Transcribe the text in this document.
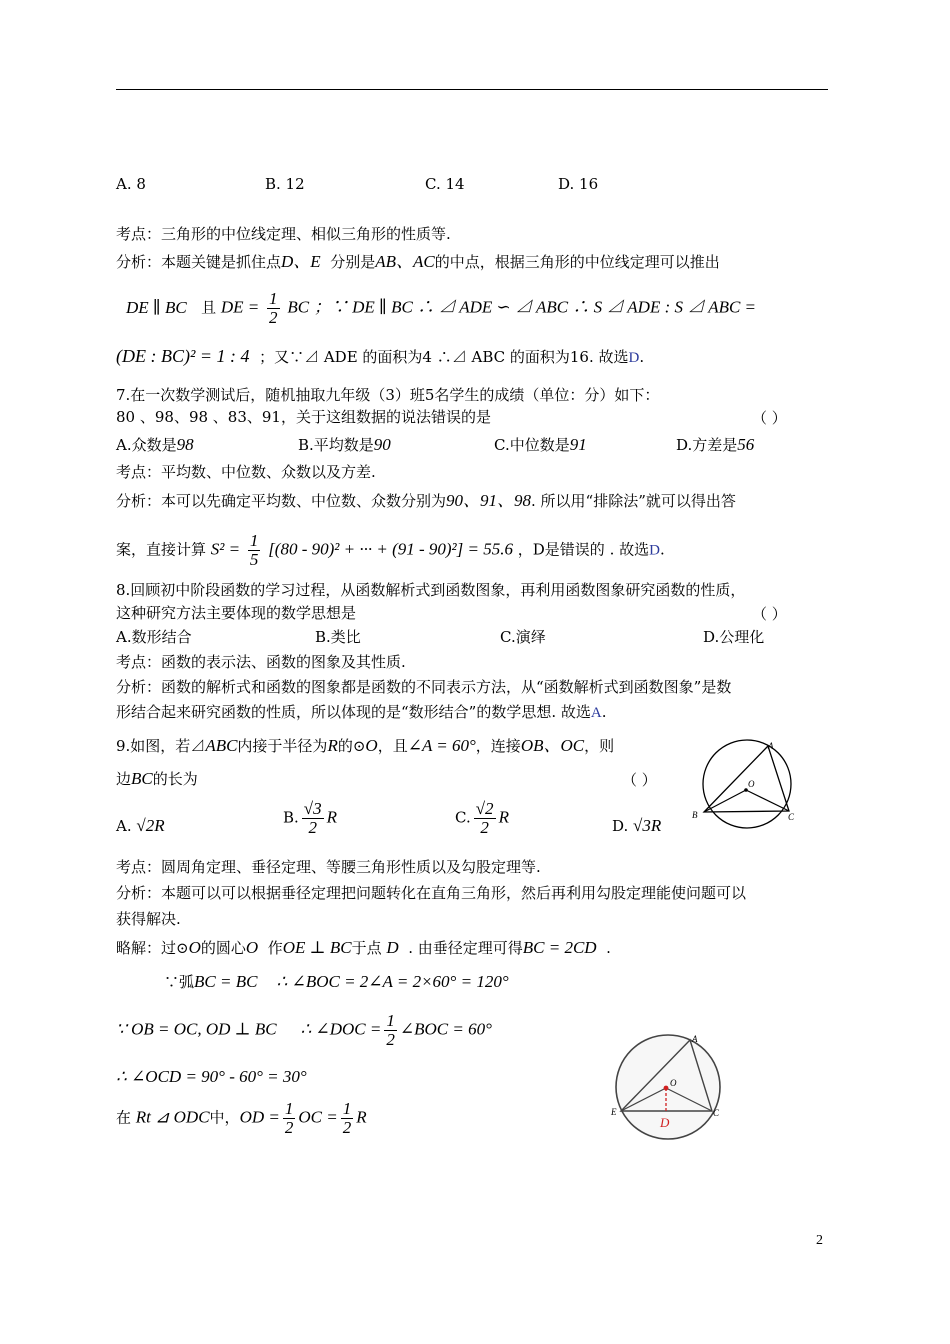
A. 8	B. 12	C. 14	D. 16
考点：三角形的中位线定理、相似三角形的性质等.
分析：本题关键是抓住点D、E 分别是AB、AC的中点，根据三角形的中位线定理可以推出
DE ∥ BC 且 DE = $\frac{1}{2}$ BC ；∵ DE ∥ BC ∴ ⊿ ADE ∽ ⊿ ABC ∴ S ⊿ ADE : S ⊿ ABC =
(DE : BC)² = 1 : 4 ；又∵⊿ ADE 的面积为4 ∴⊿ ABC 的面积为16. 故选D.
7.在一次数学测试后，随机抽取九年级（3）班5名学生的成绩（单位：分）如下：
80 、98、98 、83、91，关于这组数据的说法错误的是	（ ）
A.众数是98	B.平均数是90	C.中位数是91	D.方差是56
考点：平均数、中位数、众数以及方差.
分析：本可以先确定平均数、中位数、众数分别为90、91、98. 所以用“排除法”就可以得出答
案，直接计算 $S^2 = \frac{1}{5} [(80 - 90)^2$ + ··· + (91 - 90)²] = 55.6 ，D是错误的 . 故选D.
8.回顾初中阶段函数的学习过程，从函数解析式到函数图象，再利用函数图象研究函数的性质，
这种研究方法主要体现的数学思想是	（ ）
A.数形结合	B.类比	C.演绎	D.公理化
考点：函数的表示法、函数的图象及其性质.
分析：函数的解析式和函数的图象都是函数的不同表示方法，从“函数解析式到函数图象”是数
形结合起来研究函数的性质，所以体现的是“数形结合”的数学思想. 故选A.
9.如图，若⊿ABC内接于半径为R的⊙O，且∠A = 60°，连接OB、OC，则
边BC的长为	（ ）
A. √2R	B. $\frac{√3}{2}$ R	C. $\frac{√2}{2}$ R	D. √3R
A
O
B	C
考点：圆周角定理、垂径定理、等腰三角形性质以及勾股定理等.
分析：本题可以可以根据垂径定理把问题转化在直角三角形，然后再利用勾股定理能使问题可以
获得解决.
略解：过⊙O的圆心O 作OE ⊥ BC于点 D . 由垂径定理可得BC = 2CD .
∵弧BC = BC ∴ ∠BOC = 2∠A = 2×60° = 120°
∵ OB = OC, OD ⊥ BC ∴ ∠DOC = $\frac{1}{2}$ ∠BOC = 60°
∴ ∠OCD = 90° - 60° = 30°
在 Rt ⊿ ODC中，OD = $\frac{1}{2}$ OC = $\frac{1}{2}$ R
A
O
E	C
D
2
